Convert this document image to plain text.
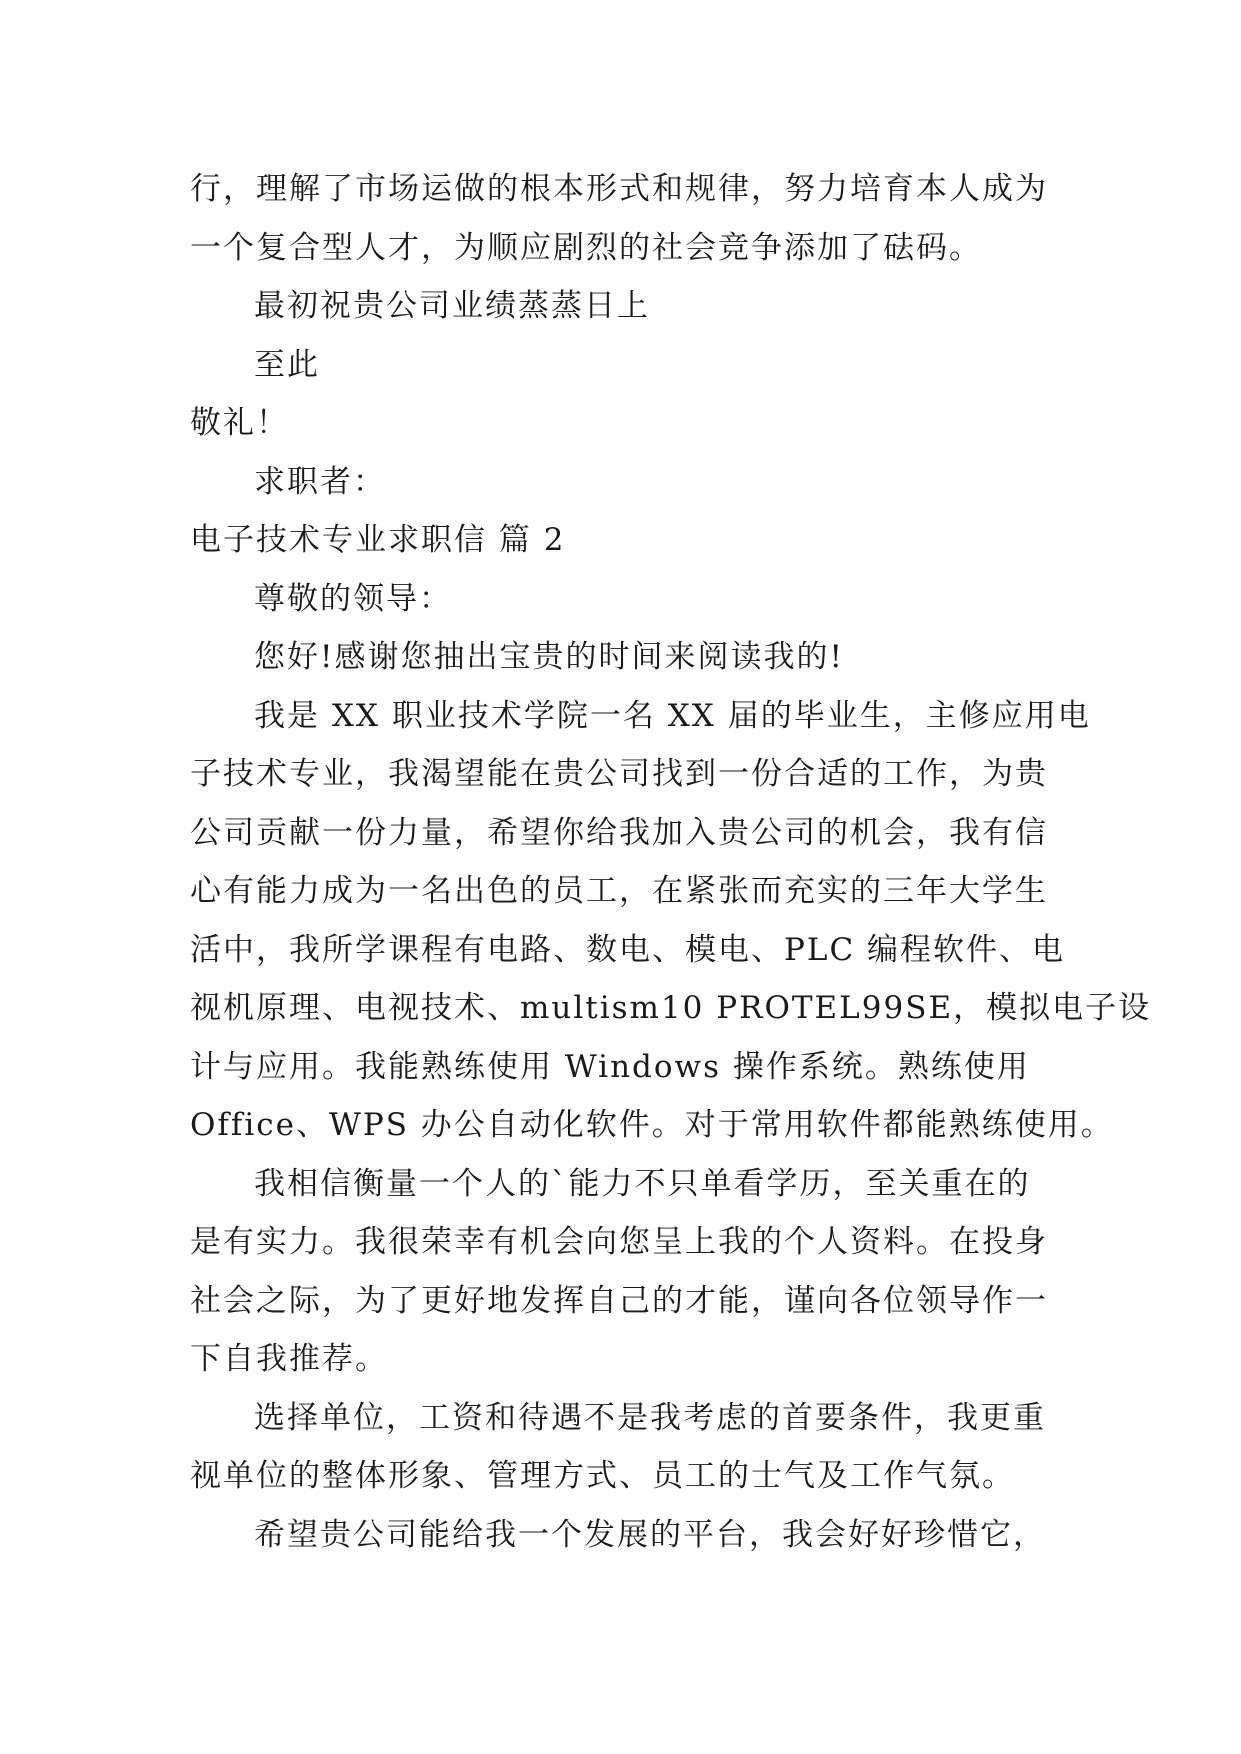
行，理解了市场运做的根本形式和规律，努力培育本人成为
一个复合型人才，为顺应剧烈的社会竞争添加了砝码。
最初祝贵公司业绩蒸蒸日上
至此
敬礼！
求职者：
电子技术专业求职信 篇 2
尊敬的领导：
您好!感谢您抽出宝贵的时间来阅读我的!
我是 XX 职业技术学院一名 XX 届的毕业生，主修应用电
子技术专业，我渴望能在贵公司找到一份合适的工作，为贵
公司贡献一份力量，希望你给我加入贵公司的机会，我有信
心有能力成为一名出色的员工，在紧张而充实的三年大学生
活中，我所学课程有电路、数电、模电、PLC 编程软件、电
视机原理、电视技术、multism10 PROTEL99SE，模拟电子设
计与应用。我能熟练使用 Windows 操作系统。熟练使用
Office、WPS 办公自动化软件。对于常用软件都能熟练使用。
我相信衡量一个人的`能力不只单看学历，至关重在的
是有实力。我很荣幸有机会向您呈上我的个人资料。在投身
社会之际，为了更好地发挥自己的才能，谨向各位领导作一
下自我推荐。
选择单位，工资和待遇不是我考虑的首要条件，我更重
视单位的整体形象、管理方式、员工的士气及工作气氛。
希望贵公司能给我一个发展的平台，我会好好珍惜它，
